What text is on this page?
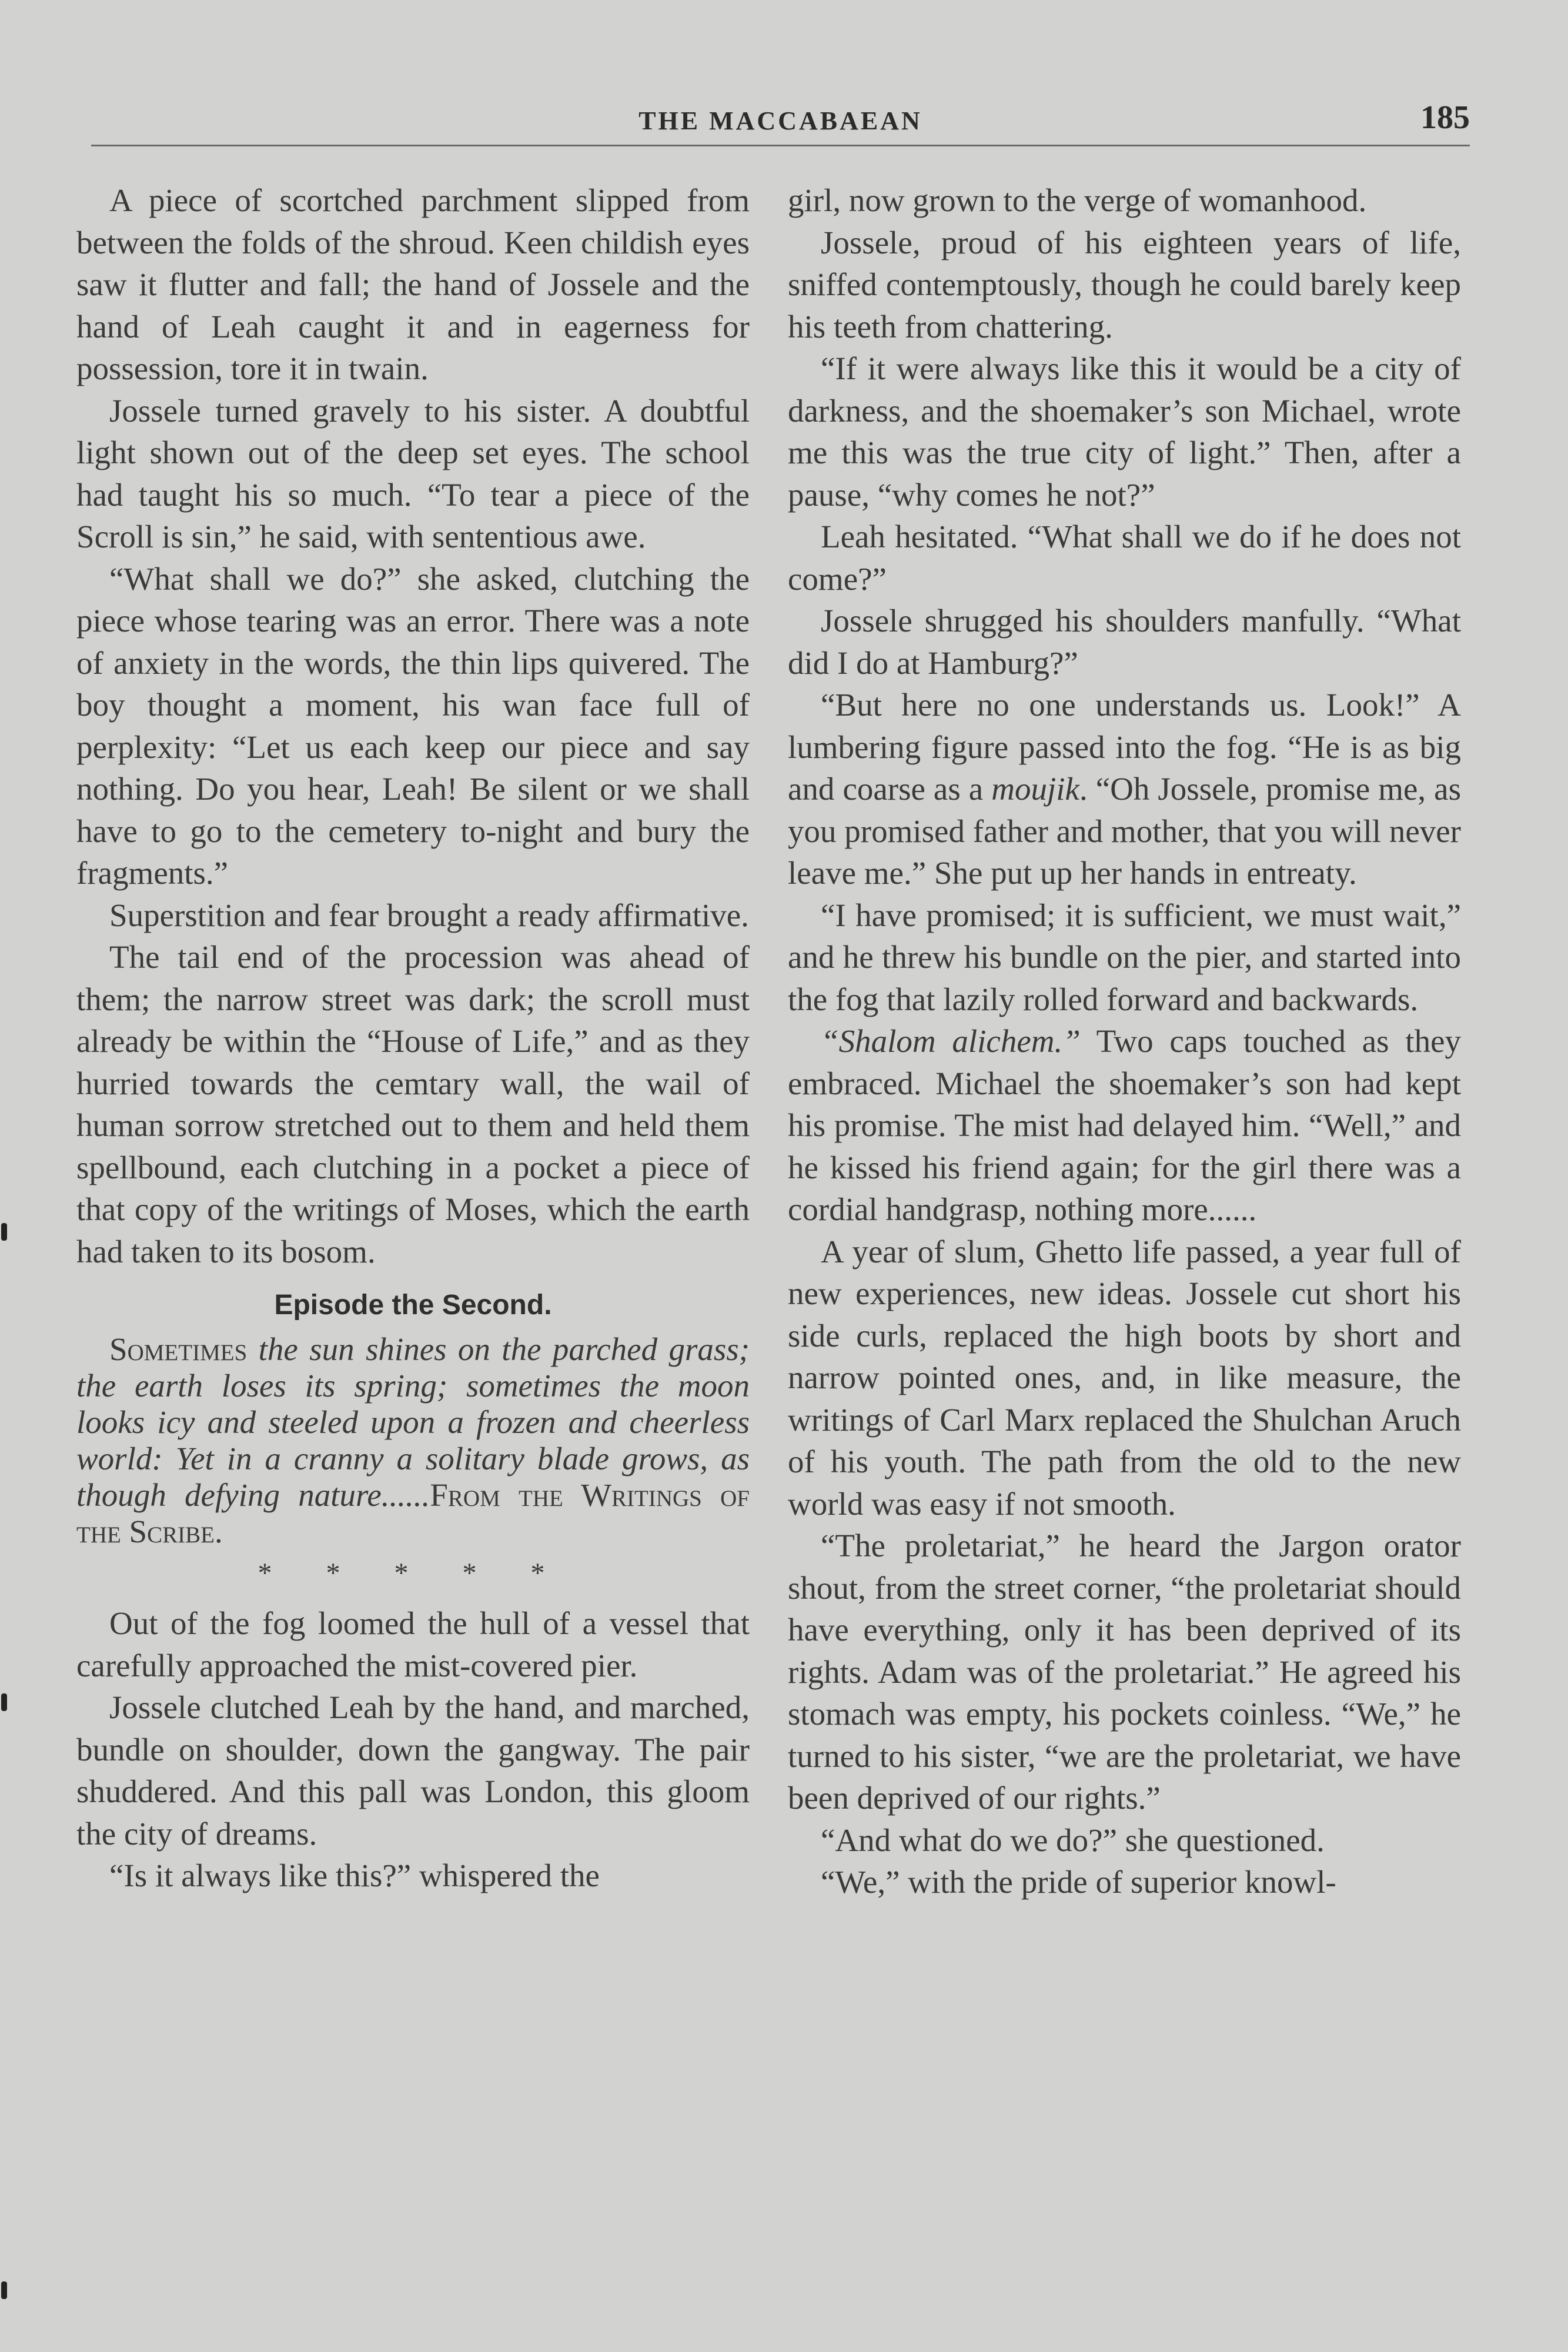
THE MACCABAEAN	185

A piece of scortched parchment slipped from between the folds of the shroud. Keen childish eyes saw it flutter and fall; the hand of Jossele and the hand of Leah caught it and in eagerness for possession, tore it in twain.

Jossele turned gravely to his sister. A doubtful light shown out of the deep set eyes. The school had taught his so much. “To tear a piece of the Scroll is sin,” he said, with sententious awe.

“What shall we do?” she asked, clutching the piece whose tearing was an error. There was a note of anxiety in the words, the thin lips quivered. The boy thought a moment, his wan face full of perplexity: “Let us each keep our piece and say nothing. Do you hear, Leah! Be silent or we shall have to go to the cemetery to-night and bury the fragments.”

Superstition and fear brought a ready affirmative.

The tail end of the procession was ahead of them; the narrow street was dark; the scroll must already be within the “House of Life,” and as they hurried towards the cemtary wall, the wail of human sorrow stretched out to them and held them spellbound, each clutching in a pocket a piece of that copy of the writings of Moses, which the earth had taken to its bosom.

Episode the Second.

Sometimes the sun shines on the parched grass; the earth loses its spring; sometimes the moon looks icy and steeled upon a frozen and cheerless world: Yet in a cranny a solitary blade grows, as though defying nature......From the Writings of the Scribe.

* * * * *

Out of the fog loomed the hull of a vessel that carefully approached the mist-covered pier.

Jossele clutched Leah by the hand, and marched, bundle on shoulder, down the gangway. The pair shuddered. And this pall was London, this gloom the city of dreams.

“Is it always like this?” whispered the

girl, now grown to the verge of womanhood.

Jossele, proud of his eighteen years of life, sniffed contemptously, though he could barely keep his teeth from chattering.

“If it were always like this it would be a city of darkness, and the shoemaker’s son Michael, wrote me this was the true city of light.” Then, after a pause, “why comes he not?”

Leah hesitated. “What shall we do if he does not come?”

Jossele shrugged his shoulders manfully. “What did I do at Hamburg?”

“But here no one understands us. Look!” A lumbering figure passed into the fog. “He is as big and coarse as a moujik. “Oh Jossele, promise me, as you promised father and mother, that you will never leave me.” She put up her hands in entreaty.

“I have promised; it is sufficient, we must wait,” and he threw his bundle on the pier, and started into the fog that lazily rolled forward and backwards.

“Shalom alichem.” Two caps touched as they embraced. Michael the shoemaker’s son had kept his promise. The mist had delayed him. “Well,” and he kissed his friend again; for the girl there was a cordial handgrasp, nothing more......

A year of slum, Ghetto life passed, a year full of new experiences, new ideas. Jossele cut short his side curls, replaced the high boots by short and narrow pointed ones, and, in like measure, the writings of Carl Marx replaced the Shulchan Aruch of his youth. The path from the old to the new world was easy if not smooth.

“The proletariat,” he heard the Jargon orator shout, from the street corner, “the proletariat should have everything, only it has been deprived of its rights. Adam was of the proletariat.” He agreed his stomach was empty, his pockets coinless. “We,” he turned to his sister, “we are the proletariat, we have been deprived of our rights.”

“And what do we do?” she questioned.

“We,” with the pride of superior knowl-
